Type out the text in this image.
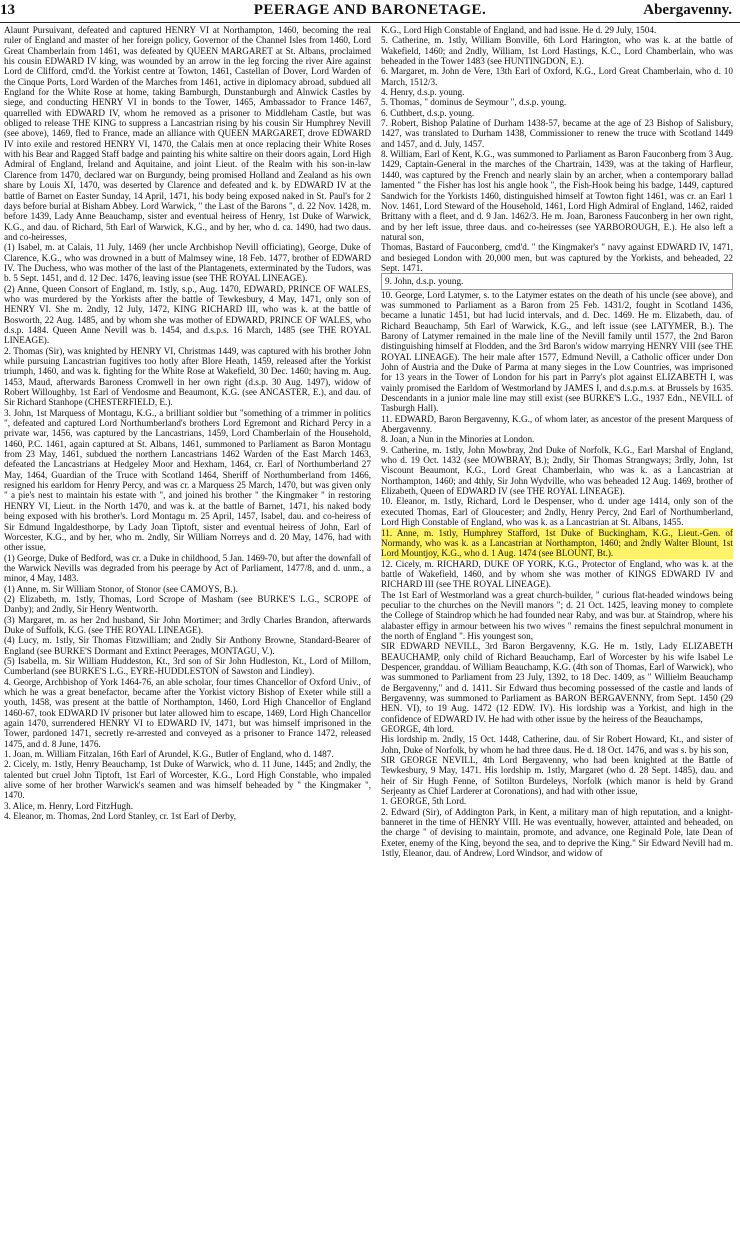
13	PEERAGE AND BARONETAGE.	Abergavenny.

Alaunt Pursuivant, defeated and captured HENRY VI at Northampton, 1460, becoming the real ruler of England and master of her foreign policy, Governor of the Channel Isles from 1460, Lord Great Chamberlain from 1461, was defeated by QUEEN MARGARET at St. Albans, proclaimed his cousin EDWARD IV king, was wounded by an arrow in the leg forcing the river Aire against Lord de Clifford, cmd'd. the Yorkist centre at Towton, 1461, Castellan of Dover, Lord Warden of the Cinque Ports, Lord Warden of the Marches from 1461, active in diplomacy abroad, subdued all England for the White Rose at home, taking Bamburgh, Dunstanburgh and Alnwick Castles by siege, and conducting HENRY VI in bonds to the Tower, 1465, Ambassador to France 1467, quarrelled with EDWARD IV, whom he removed as a prisoner to Middleham Castle, but was obliged to release THE KING to suppress a Lancastrian rising by his cousin Sir Humphrey Nevill (see above), 1469, fled to France, made an alliance with QUEEN MARGARET, drove EDWARD IV into exile and restored HENRY VI, 1470, the Calais men at once replacing their White Roses with his Bear and Ragged Staff badge and painting his white saltire on their doors again, Lord High Admiral of England, Ireland and Aquitaine, and joint Lieut. of the Realm with his son-in-law Clarence from 1470, declared war on Burgundy, being promised Holland and Zealand as his own share by Louis XI, 1470, was deserted by Clarence and defeated and k. by EDWARD IV at the battle of Barnet on Easter Sunday, 14 April, 1471, his body being exposed naked in St. Paul's for 2 days before burial at Bisham Abbey. Lord Warwick, " the Last of the Barons ", d. 22 Nov. 1428, m. before 1439, Lady Anne Beauchamp, sister and eventual heiress of Henry, 1st Duke of Warwick, K.G., and dau. of Richard, 5th Earl of Warwick, K.G., and by her, who d. ca. 1490, had two daus. and co-heiresses,

(1) Isabel, m. at Calais, 11 July, 1469 (her uncle Archbishop Nevill officiating), George, Duke of Clarence, K.G., who was drowned in a butt of Malmsey wine, 18 Feb. 1477, brother of EDWARD IV. The Duchess, who was mother of the last of the Plantagenets, exterminated by the Tudors, was b. 5 Sept. 1451, and d. 12 Dec. 1476, leaving issue (see THE ROYAL LINEAGE).

(2) Anne, Queen Consort of England, m. 1stly, s.p., Aug. 1470, EDWARD, PRINCE OF WALES, who was murdered by the Yorkists after the battle of Tewkesbury, 4 May, 1471, only son of HENRY VI. She m. 2ndly, 12 July, 1472, KING RICHARD III, who was k. at the battle of Bosworth, 22 Aug. 1485, and by whom she was mother of EDWARD, PRINCE OF WALES, who d.s.p. 1484. Queen Anne Nevill was b. 1454, and d.s.p.s. 16 March, 1485 (see THE ROYAL LINEAGE).

2. Thomas (Sir), was knighted by HENRY VI, Christmas 1449, was captured with his brother John while pursuing Lancastrian fugitives too hotly after Blore Heath, 1459, released after the Yorkist triumph, 1460, and was k. fighting for the White Rose at Wakefield, 30 Dec. 1460; having m. Aug. 1453, Maud, afterwards Baroness Cromwell in her own right (d.s.p. 30 Aug. 1497), widow of Robert Willoughby, 1st Earl of Vendosme and Beaumont, K.G. (see ANCASTER, E.), and dau. of Sir Richard Stanhope (CHESTERFIELD, E.).

3. John, 1st Marquess of Montagu, K.G., a brilliant soldier but "something of a trimmer in politics ", defeated and captured Lord Northumberland's brothers Lord Egremont and Richard Percy in a private war, 1456, was captured by the Lancastrians, 1459, Lord Chamberlain of the Household, 1460, P.C. 1461, again captured at St. Albans, 1461, summoned to Parliament as Baron Montagu from 23 May, 1461, subdued the northern Lancastrians 1462 Warden of the East March 1463, defeated the Lancastrians at Hedgeley Moor and Hexham, 1464, cr. Earl of Northumberland 27 May, 1464, Guardian of the Truce with Scotland 1464, Sheriff of Northumberland from 1466, resigned his earldom for Henry Percy, and was cr. a Marquess 25 March, 1470, but was given only " a pie's nest to maintain his estate with ", and joined his brother " the Kingmaker " in restoring HENRY VI, Lieut. in the North 1470, and was k. at the battle of Barnet, 1471, his naked body being exposed with his brother's. Lord Montagu m. 25 April, 1457, Isabel, dau. and co-heiress of Sir Edmund Ingaldesthorpe, by Lady Joan Tiptoft, sister and eventual heiress of John, Earl of Worcester, K.G., and by her, who m. 2ndly, Sir William Norreys and d. 20 May, 1476, had with other issue,

(1) George, Duke of Bedford, was cr. a Duke in childhood, 5 Jan. 1469-70, but after the downfall of the Warwick Nevills was degraded from his peerage by Act of Parliament, 1477/8, and d. unm., a minor, 4 May, 1483.

(1) Anne, m. Sir William Stonor, of Stonor (see CAMOYS, B.).

(2) Elizabeth, m. 1stly, Thomas, Lord Scrope of Masham (see BURKE'S L.G., SCROPE of Danby); and 2ndly, Sir Henry Wentworth.

(3) Margaret, m. as her 2nd husband, Sir John Mortimer; and 3rdly Charles Brandon, afterwards Duke of Suffolk, K.G. (see THE ROYAL LINEAGE).

(4) Lucy, m. 1stly, Sir Thomas Fitzwilliam; and 2ndly Sir Anthony Browne, Standard-Bearer of England (see BURKE'S Dormant and Extinct Peerages, MONTAGU, V.).

(5) Isabella, m. Sir William Huddeston, Kt., 3rd son of Sir John Hudleston, Kt., Lord of Millom, Cumberland (see BURKE'S L.G., EYRE-HUDDLESTON of Sawston and Lindley).

4. George, Archbishop of York 1464-76, an able scholar, four times Chancellor of Oxford Univ., of which he was a great benefactor, became after the Yorkist victory Bishop of Exeter while still a youth, 1458, was present at the battle of Northampton, 1460, Lord High Chancellor of England 1460-67, took EDWARD IV prisoner but later allowed him to escape, 1469, Lord High Chancellor again 1470, surrendered HENRY VI to EDWARD IV, 1471, but was himself imprisoned in the Tower, pardoned 1471, secretly re-arrested and conveyed as a prisoner to France 1472, released 1475, and d. 8 June, 1476.

1. Joan, m. William Fitzalan, 16th Earl of Arundel, K.G., Butler of England, who d. 1487.

2. Cicely, m. 1stly, Henry Beauchamp, 1st Duke of Warwick, who d. 11 June, 1445; and 2ndly, the talented but cruel John Tiptoft, 1st Earl of Worcester, K.G., Lord High Constable, who impaled alive some of her brother Warwick's seamen and was himself beheaded by " the Kingmaker ", 1470.

3. Alice, m. Henry, Lord FitzHugh.

4. Eleanor, m. Thomas, 2nd Lord Stanley, cr. 1st Earl of Derby,

K.G., Lord High Constable of England, and had issue. He d. 29 July, 1504.

5. Catherine, m. 1stly, William Bonville, 6th Lord Harington, who was k. at the battle of Wakefield, 1460; and 2ndly, William, 1st Lord Hastings, K.C., Lord Chamberlain, who was beheaded in the Tower 1483 (see HUNTINGDON, E.).

6. Margaret, m. John de Vere, 13th Earl of Oxford, K.G., Lord Great Chamberlain, who d. 10 March, 1512/3.

4. Henry, d.s.p. young.

5. Thomas, " dominus de Seymour ", d.s.p. young.

6. Cuthbert, d.s.p. young.

7. Robert, Bishop Palatine of Durham 1438-57, became at the age of 23 Bishop of Salisbury, 1427, was translated to Durham 1438, Commissioner to renew the truce with Scotland 1449 and 1457, and d. July, 1457.

8. William, Earl of Kent, K.G., was summoned to Parliament as Baron Fauconberg from 3 Aug. 1429, Captain-General in the marches of the Chartrain, 1439, was at the taking of Harfleur, 1440, was captured by the French and nearly slain by an archer, when a contemporary ballad lamented " the Fisher has lost his angle hook ", the Fish-Hook being his badge, 1449, captured Sandwich for the Yorkists 1460, distinguished himself at Towton fight 1461, was cr. an Earl 1 Nov. 1461, Lord Steward of the Household, 1461, Lord High Admiral of England, 1462, raided Brittany with a fleet, and d. 9 Jan. 1462/3. He m. Joan, Baroness Fauconberg in her own right, and by her left issue, three daus. and co-heiresses (see YARBOROUGH, E.). He also left a natural son,

Thomas, Bastard of Fauconberg, cmd'd. " the Kingmaker's " navy against EDWARD IV, 1471, and besieged London with 20,000 men, but was captured by the Yorkists, and beheaded, 22 Sept. 1471.

9. John, d.s.p. young.

10. George, Lord Latymer, s. to the Latymer estates on the death of his uncle (see above), and was summoned to Parliament as a Baron from 25 Feb. 1431/2, fought in Scotland 1436, became a lunatic 1451, but had lucid intervals, and d. Dec. 1469. He m. Elizabeth, dau. of Richard Beauchamp, 5th Earl of Warwick, K.G., and left issue (see LATYMER, B.). The Barony of Latymer remained in the male line of the Nevill family until 1577, the 2nd Baron distinguishing himself at Flodden, and the 3rd Baron's widow marrying HENRY VIII (see THE ROYAL LINEAGE). The heir male after 1577, Edmund Nevill, a Catholic officer under Don John of Austria and the Duke of Parma at many sieges in the Low Countries, was imprisoned for 13 years in the Tower of London for his part in Parry's plot against ELIZABETH I, was vainly promised the Earldom of Westmorland by JAMES I, and d.s.p.m.s. at Brussels by 1635. Descendants in a junior male line may still exist (see BURKE'S L.G., 1937 Edn., NEVILL of Tasburgh Hall).

11. EDWARD, Baron Bergavenny, K.G., of whom later, as ancestor of the present Marquess of Abergavenny.

8. Joan, a Nun in the Minories at London.

9. Catherine, m. 1stly, John Mowbray, 2nd Duke of Norfolk, K.G., Earl Marshal of England, who d. 19 Oct. 1432 (see MOWBRAY, B.); 2ndly, Sir Thomas Strangways; 3rdly, John, 1st Viscount Beaumont, K.G., Lord Great Chamberlain, who was k. as a Lancastrian at Northampton, 1460; and 4thly, Sir John Wydville, who was beheaded 12 Aug. 1469, brother of Elizabeth, Queen of EDWARD IV (see THE ROYAL LINEAGE).

10. Eleanor, m. 1stly, Richard, Lord le Despenser, who d. under age 1414, only son of the executed Thomas, Earl of Gloucester; and 2ndly, Henry Percy, 2nd Earl of Northumberland, Lord High Constable of England, who was k. as a Lancastrian at St. Albans, 1455.

11. Anne, m. 1stly, Humphrey Stafford, 1st Duke of Buckingham, K.G., Lieut.-Gen. of Normandy, who was k. as a Lancastrian at Northampton, 1460; and 2ndly Walter Blount, 1st Lord Mountjoy, K.G., who d. 1 Aug. 1474 (see BLOUNT, Bt.).

12. Cicely, m. RICHARD, DUKE OF YORK, K.G., Protector of England, who was k. at the battle of Wakefield, 1460, and by whom she was mother of KINGS EDWARD IV and RICHARD III (see THE ROYAL LINEAGE).

The 1st Earl of Westmorland was a great church-builder, " curious flat-headed windows being peculiar to the churches on the Nevill manors "; d. 21 Oct. 1425, leaving money to complete the College of Staindrop which he had founded near Raby, and was bur. at Staindrop, where his alabaster effigy in armour between his two wives " remains the finest sepulchral monument in the north of England ". His youngest son,

SIR EDWARD NEVILL, 3rd Baron Bergavenny, K.G. He m. 1stly, Lady ELIZABETH BEAUCHAMP, only child of Richard Beauchamp, Earl of Worcester by his wife Isabel Le Despencer, granddau. of William Beauchamp, K.G. (4th son of Thomas, Earl of Warwick), who was summoned to Parliament from 23 July, 1392, to 18 Dec. 1409, as " Willielm Beauchamp de Bergavenny," and d. 1411. Sir Edward thus becoming possessed of the castle and lands of Bergavenny, was summoned to Parliament as BARON BERGAVENNY, from Sept. 1450 (29 HEN. VI), to 19 Aug. 1472 (12 EDW. IV). His lordship was a Yorkist, and high in the confidence of EDWARD IV. He had with other issue by the heiress of the Beauchamps,

GEORGE, 4th lord.

His lordship m. 2ndly, 15 Oct. 1448, Catherine, dau. of Sir Robert Howard, Kt., and sister of John, Duke of Norfolk, by whom he had three daus. He d. 18 Oct. 1476, and was s. by his son,

SIR GEORGE NEVILL, 4th Lord Bergavenny, who had been knighted at the Battle of Tewkesbury, 9 May, 1471. His lordship m. 1stly, Margaret (who d. 28 Sept. 1485), dau. and heir of Sir Hugh Fenne, of Sotilton Burdeleys, Norfolk (which manor is held by Grand Serjeanty as Chief Larderer at Coronations), and had with other issue,

1. GEORGE, 5th Lord.

2. Edward (Sir), of Addington Park, in Kent, a military man of high reputation, and a knight-banneret in the time of HENRY VIII. He was eventually, however, attainted and beheaded, on the charge " of devising to maintain, promote, and advance, one Reginald Pole, late Dean of Exeter, enemy of the King, beyond the sea, and to deprive the King." Sir Edward Nevill had m. 1stly, Eleanor, dau. of Andrew, Lord Windsor, and widow of
